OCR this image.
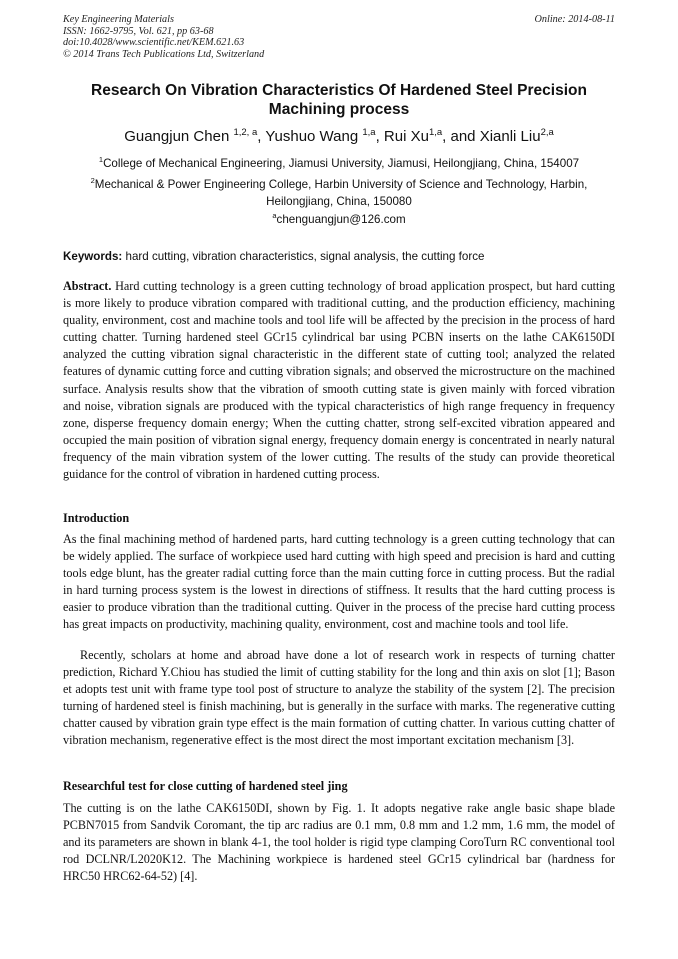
Key Engineering Materials
ISSN: 1662-9795, Vol. 621, pp 63-68
doi:10.4028/www.scientific.net/KEM.621.63
© 2014 Trans Tech Publications Ltd, Switzerland
Online: 2014-08-11
Research On Vibration Characteristics Of Hardened Steel Precision Machining process
Guangjun Chen $^{1,2, a}$, Yushuo Wang $^{1,a}$, Rui Xu$^{1,a}$, and Xianli Liu$^{2,a}$
$^1$College of Mechanical Engineering, Jiamusi University, Jiamusi, Heilongjiang, China, 154007
$^2$Mechanical & Power Engineering College, Harbin University of Science and Technology, Harbin, Heilongjiang, China, 150080
$^a$chenguangjun@126.com
Keywords: hard cutting, vibration characteristics, signal analysis, the cutting force
Abstract. Hard cutting technology is a green cutting technology of broad application prospect, but hard cutting is more likely to produce vibration compared with traditional cutting, and the production efficiency, machining quality, environment, cost and machine tools and tool life will be affected by the precision in the process of hard cutting chatter. Turning hardened steel GCr15 cylindrical bar using PCBN inserts on the lathe CAK6150DI analyzed the cutting vibration signal characteristic in the different state of cutting tool; analyzed the related features of dynamic cutting force and cutting vibration signals; and observed the microstructure on the machined surface. Analysis results show that the vibration of smooth cutting state is given mainly with forced vibration and noise, vibration signals are produced with the typical characteristics of high range frequency in frequency zone, disperse frequency domain energy; When the cutting chatter, strong self-excited vibration appeared and occupied the main position of vibration signal energy, frequency domain energy is concentrated in nearly natural frequency of the main vibration system of the lower cutting. The results of the study can provide theoretical guidance for the control of vibration in hardened cutting process.
Introduction

As the final machining method of hardened parts, hard cutting technology is a green cutting technology that can be widely applied. The surface of workpiece used hard cutting with high speed and precision is hard and cutting tools edge blunt, has the greater radial cutting force than the main cutting force in cutting process. But the radial in hard turning process system is the lowest in directions of stiffness. It results that the hard cutting process is easier to produce vibration than the traditional cutting. Quiver in the process of the precise hard cutting process has great impacts on productivity, machining quality, environment, cost and machine tools and tool life.

Recently, scholars at home and abroad have done a lot of research work in respects of turning chatter prediction, Richard Y.Chiou has studied the limit of cutting stability for the long and thin axis on slot [1]; Bason et adopts test unit with frame type tool post of structure to analyze the stability of the system [2]. The precision turning of hardened steel is finish machining, but is generally in the surface with marks. The regenerative cutting chatter caused by vibration grain type effect is the main formation of cutting chatter. In various cutting chatter of vibration mechanism, regenerative effect is the most direct the most important excitation mechanism [3].

Researchful test for close cutting of hardened steel jing

The cutting is on the lathe CAK6150DI, shown by Fig. 1. It adopts negative rake angle basic shape blade PCBN7015 from Sandvik Coromant, the tip arc radius are 0.1 mm, 0.8 mm and 1.2 mm, 1.6 mm, the model of and its parameters are shown in blank 4-1, the tool holder is rigid type clamping CoroTurn RC conventional tool rod DCLNR/L2020K12. The Machining workpiece is hardened steel GCr15 cylindrical bar (hardness for HRC50 HRC62-64-52) [4].
